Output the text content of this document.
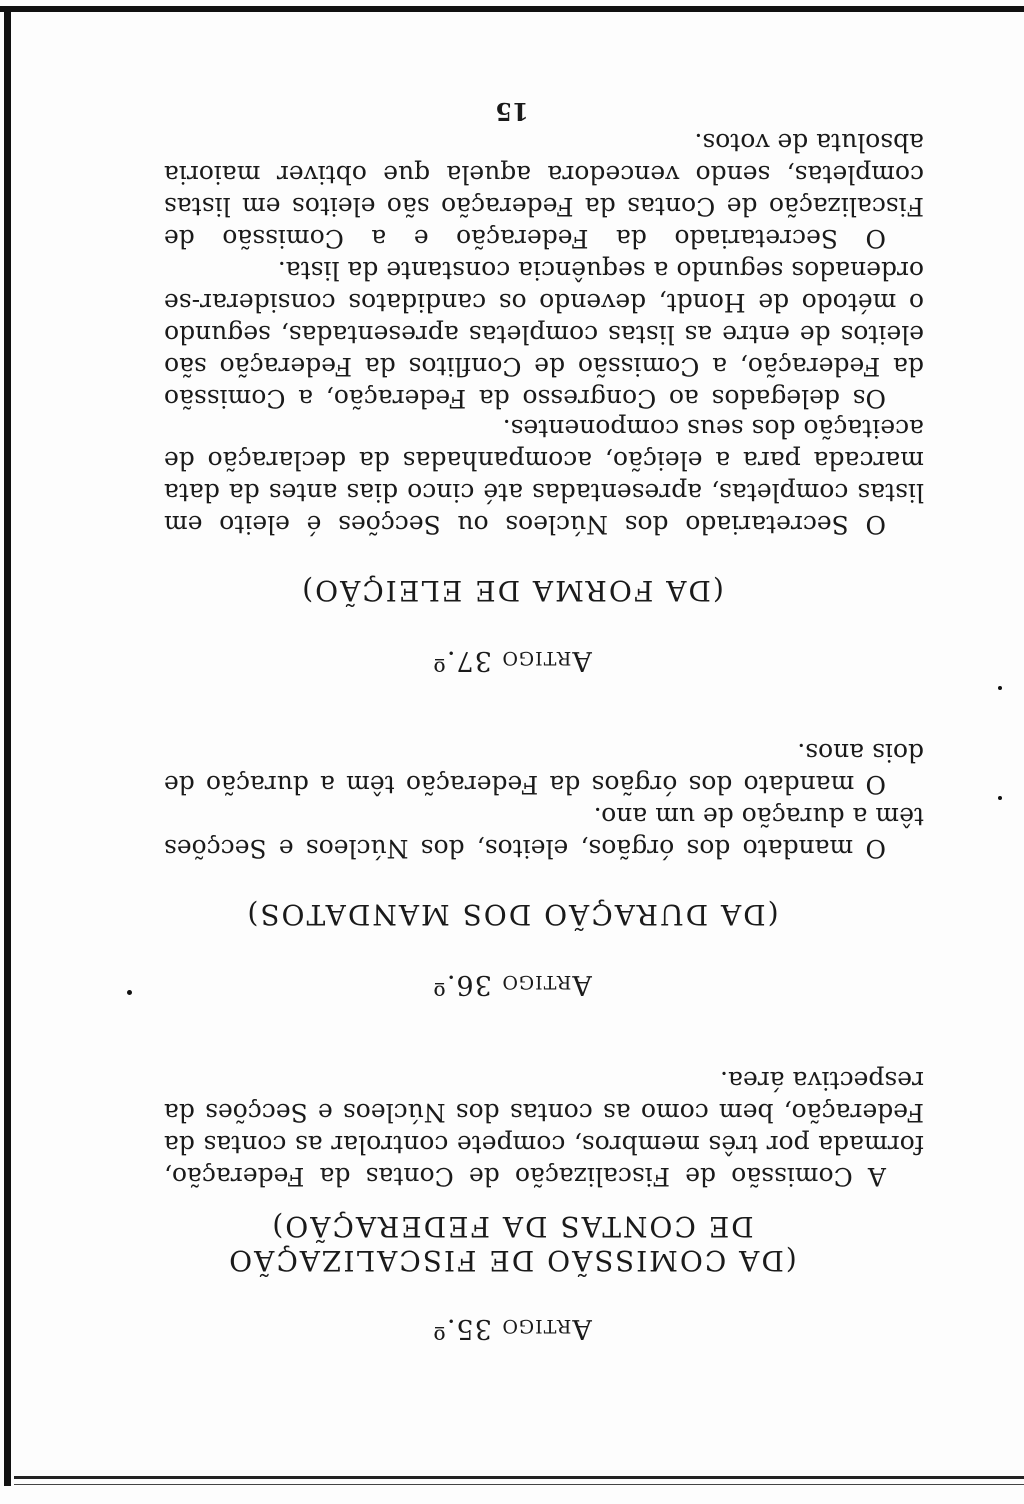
Artigo 35.º
(DA COMISSÃO DE FISCALIZAÇÃO
DE CONTAS DA FEDERAÇÃO)

A Comissão de Fiscalização de Contas da Federação, formada por três membros, compete controlar as contas da Federação, bem como as contas dos Núcleos e Secções da respectiva área.

Artigo 36.º
(DA DURAÇÃO DOS MANDATOS)

O mandato dos órgãos, eleitos, dos Núcleos e Secções têm a duração de um ano.

O mandato dos órgãos da Federação têm a duração de dois anos.

Artigo 37.º
(DA FORMA DE ELEIÇÃO)

O Secretariado dos Núcleos ou Secções é eleito em listas completas, apresentadas até cinco dias antes da data marcada para a eleição, acompanhadas da declaração de aceitação dos seus componentes.

Os delegados ao Congresso da Federação, a Comissão da Federação, a Comissão de Conflitos da Federação são eleitos de entre as listas completas apresentadas, segundo o método de Hondt, devendo os candidatos considerar-se ordenados segundo a sequência constante da lista.

O Secretariado da Federação e a Comissão de Fiscalização de Contas da Federação são eleitos em listas completas, sendo vencedora aquela que obtiver maioria absoluta de votos.

15
